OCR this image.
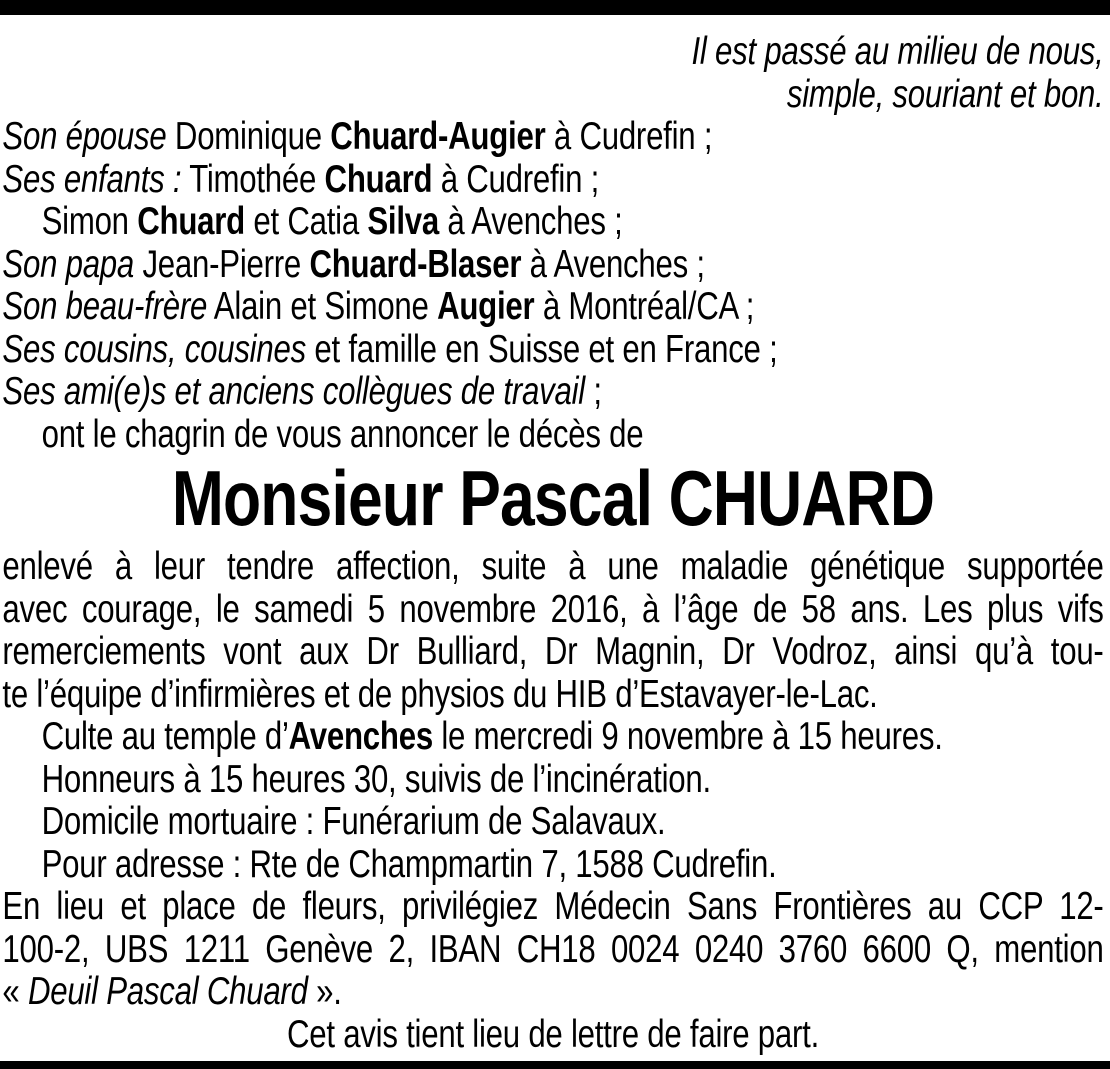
Il est passé au milieu de nous,
simple, souriant et bon.
Son épouse Dominique Chuard-Augier à Cudrefin ;
Ses enfants : Timothée Chuard à Cudrefin ;
Simon Chuard et Catia Silva à Avenches ;
Son papa Jean-Pierre Chuard-Blaser à Avenches ;
Son beau-frère Alain et Simone Augier à Montréal/CA ;
Ses cousins, cousines et famille en Suisse et en France ;
Ses ami(e)s et anciens collègues de travail ;
ont le chagrin de vous annoncer le décès de
Monsieur Pascal CHUARD
enlevé à leur tendre affection, suite à une maladie génétique supportée
avec courage, le samedi 5 novembre 2016, à l’âge de 58 ans. Les plus vifs
remerciements vont aux Dr Bulliard, Dr Magnin, Dr Vodroz, ainsi qu’à tou-
te l’équipe d’infirmières et de physios du HIB d’Estavayer-le-Lac.
Culte au temple d’Avenches le mercredi 9 novembre à 15 heures.
Honneurs à 15 heures 30, suivis de l’incinération.
Domicile mortuaire : Funérarium de Salavaux.
Pour adresse : Rte de Champmartin 7, 1588 Cudrefin.
En lieu et place de fleurs, privilégiez Médecin Sans Frontières au CCP 12-
100-2, UBS 1211 Genève 2, IBAN CH18 0024 0240 3760 6600 Q, mention
« Deuil Pascal Chuard ».
Cet avis tient lieu de lettre de faire part.
